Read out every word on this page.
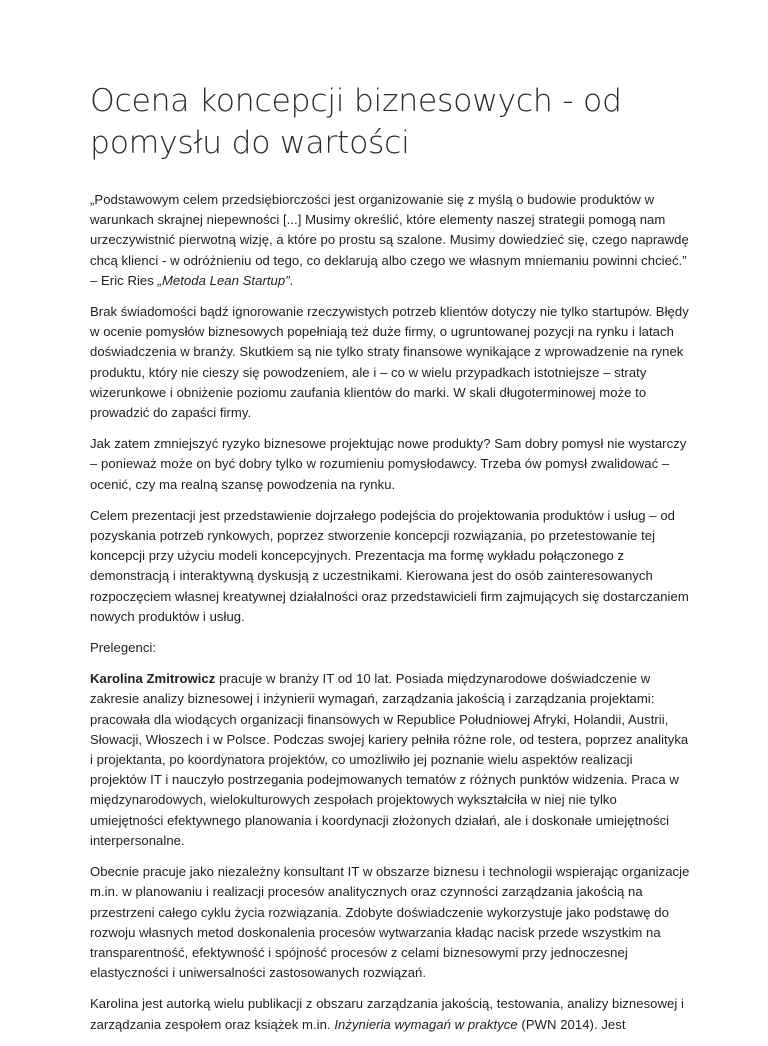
Ocena koncepcji biznesowych - od pomysłu do wartości

„Podstawowym celem przedsiębiorczości jest organizowanie się z myślą o budowie produktów w warunkach skrajnej niepewności [...] Musimy określić, które elementy naszej strategii pomogą nam urzeczywistnić pierwotną wizję, a które po prostu są szalone. Musimy dowiedzieć się, czego naprawdę chcą klienci - w odróżnieniu od tego, co deklarują albo czego we własnym mniemaniu powinni chcieć.” – Eric Ries „Metoda Lean Startup”.

Brak świadomości bądź ignorowanie rzeczywistych potrzeb klientów dotyczy nie tylko startupów. Błędy w ocenie pomysłów biznesowych popełniają też duże firmy, o ugruntowanej pozycji na rynku i latach doświadczenia w branży. Skutkiem są nie tylko straty finansowe wynikające z wprowadzenie na rynek produktu, który nie cieszy się powodzeniem, ale i – co w wielu przypadkach istotniejsze – straty wizerunkowe i obniżenie poziomu zaufania klientów do marki. W skali długoterminowej może to prowadzić do zapaści firmy.

Jak zatem zmniejszyć ryzyko biznesowe projektując nowe produkty? Sam dobry pomysł nie wystarczy – ponieważ może on być dobry tylko w rozumieniu pomysłodawcy. Trzeba ów pomysł zwalidować – ocenić, czy ma realną szansę powodzenia na rynku.

Celem prezentacji jest przedstawienie dojrzałego podejścia do projektowania produktów i usług – od pozyskania potrzeb rynkowych, poprzez stworzenie koncepcji rozwiązania, po przetestowanie tej koncepcji przy użyciu modeli koncepcyjnych. Prezentacja ma formę wykładu połączonego z demonstracją i interaktywną dyskusją z uczestnikami. Kierowana jest do osób zainteresowanych rozpoczęciem własnej kreatywnej działalności oraz przedstawicieli firm zajmujących się dostarczaniem nowych produktów i usług.

Prelegenci:

Karolina Zmitrowicz pracuje w branży IT od 10 lat. Posiada międzynarodowe doświadczenie w zakresie analizy biznesowej i inżynierii wymagań, zarządzania jakością i zarządzania projektami: pracowała dla wiodących organizacji finansowych w Republice Południowej Afryki, Holandii, Austrii, Słowacji, Włoszech i w Polsce. Podczas swojej kariery pełniła różne role, od testera, poprzez analityka i projektanta, po koordynatora projektów, co umożliwiło jej poznanie wielu aspektów realizacji projektów IT i nauczyło postrzegania podejmowanych tematów z różnych punktów widzenia. Praca w międzynarodowych, wielokulturowych zespołach projektowych wykształciła w niej nie tylko umiejętności efektywnego planowania i koordynacji złożonych działań, ale i doskonałe umiejętności interpersonalne.

Obecnie pracuje jako niezależny konsultant IT w obszarze biznesu i technologii wspierając organizacje m.in. w planowaniu i realizacji procesów analitycznych oraz czynności zarządzania jakością na przestrzeni całego cyklu życia rozwiązania. Zdobyte doświadczenie wykorzystuje jako podstawę do rozwoju własnych metod doskonalenia procesów wytwarzania kładąc nacisk przede wszystkim na transparentność, efektywność i spójność procesów z celami biznesowymi przy jednoczesnej elastyczności i uniwersalności zastosowanych rozwiązań.

Karolina jest autorką wielu publikacji z obszaru zarządzania jakością, testowania, analizy biznesowej i zarządzania zespołem oraz książek m.in. Inżynieria wymagań w praktyce (PWN 2014). Jest
